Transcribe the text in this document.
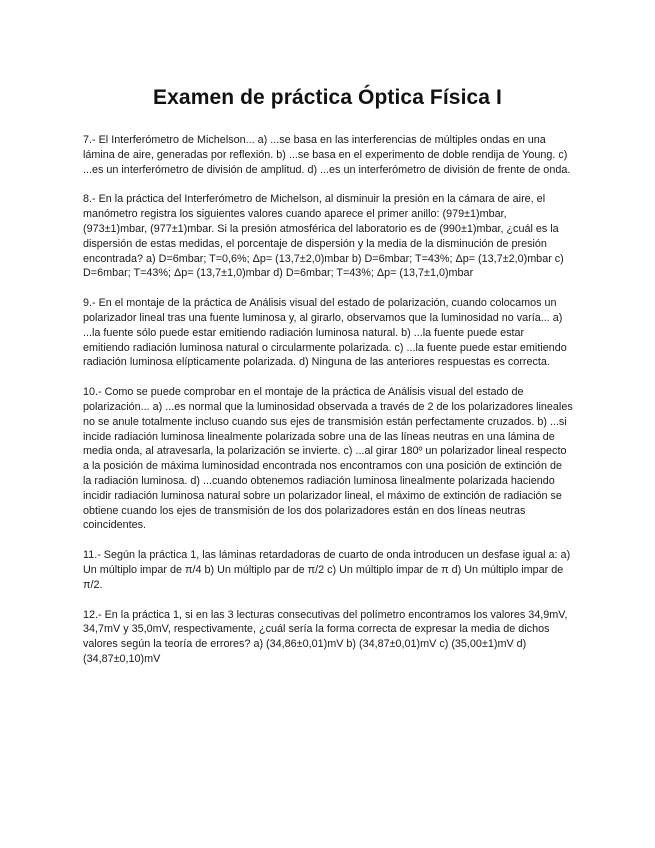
Examen de práctica Óptica Física I

7.- El Interferómetro de Michelson... a) ...se basa en las interferencias de múltiples ondas en una lámina de aire, generadas por reflexión. b) ...se basa en el experimento de doble rendija de Young. c) ...es un interferómetro de división de amplitud. d) ...es un interferómetro de división de frente de onda.

8.- En la práctica del Interferómetro de Michelson, al disminuir la presión en la cámara de aire, el manómetro registra los siguientes valores cuando aparece el primer anillo: (979±1)mbar, (973±1)mbar, (977±1)mbar. Si la presión atmosférica del laboratorio es de (990±1)mbar, ¿cuál es la dispersión de estas medidas, el porcentaje de dispersión y la media de la disminución de presión encontrada? a) D=6mbar; T=0,6%; Δp= (13,7±2,0)mbar b) D=6mbar; T=43%; Δp= (13,7±2,0)mbar c) D=6mbar; T=43%; Δp= (13,7±1,0)mbar d) D=6mbar; T=43%; Δp= (13,7±1,0)mbar

9.- En el montaje de la práctica de Análisis visual del estado de polarización, cuando colocamos un polarizador lineal tras una fuente luminosa y, al girarlo, observamos que la luminosidad no varía... a) ...la fuente sólo puede estar emitiendo radiación luminosa natural. b) ...la fuente puede estar emitiendo radiación luminosa natural o circularmente polarizada. c) ...la fuente puede estar emitiendo radiación luminosa elípticamente polarizada. d) Ninguna de las anteriores respuestas es correcta.

10.- Como se puede comprobar en el montaje de la práctica de Análisis visual del estado de polarización... a) ...es normal que la luminosidad observada a través de 2 de los polarizadores lineales no se anule totalmente incluso cuando sus ejes de transmisión están perfectamente cruzados. b) ...si incide radiación luminosa linealmente polarizada sobre una de las líneas neutras en una lámina de media onda, al atravesarla, la polarización se invierte. c) ...al girar 180º un polarizador lineal respecto a la posición de máxima luminosidad encontrada nos encontramos con una posición de extinción de la radiación luminosa. d) ...cuando obtenemos radiación luminosa linealmente polarizada haciendo incidir radiación luminosa natural sobre un polarizador lineal, el máximo de extinción de radiación se obtiene cuando los ejes de transmisión de los dos polarizadores están en dos líneas neutras coincidentes.

11.- Según la práctica 1, las láminas retardadoras de cuarto de onda introducen un desfase igual a: a) Un múltiplo impar de π/4 b) Un múltiplo par de π/2 c) Un múltiplo impar de π d) Un múltiplo impar de π/2.

12.- En la práctica 1, si en las 3 lecturas consecutivas del polímetro encontramos los valores 34,9mV, 34,7mV y 35,0mV, respectivamente, ¿cuál sería la forma correcta de expresar la media de dichos valores según la teoría de errores? a) (34,86±0,01)mV b) (34,87±0,01)mV c) (35,00±1)mV d) (34,87±0,10)mV
